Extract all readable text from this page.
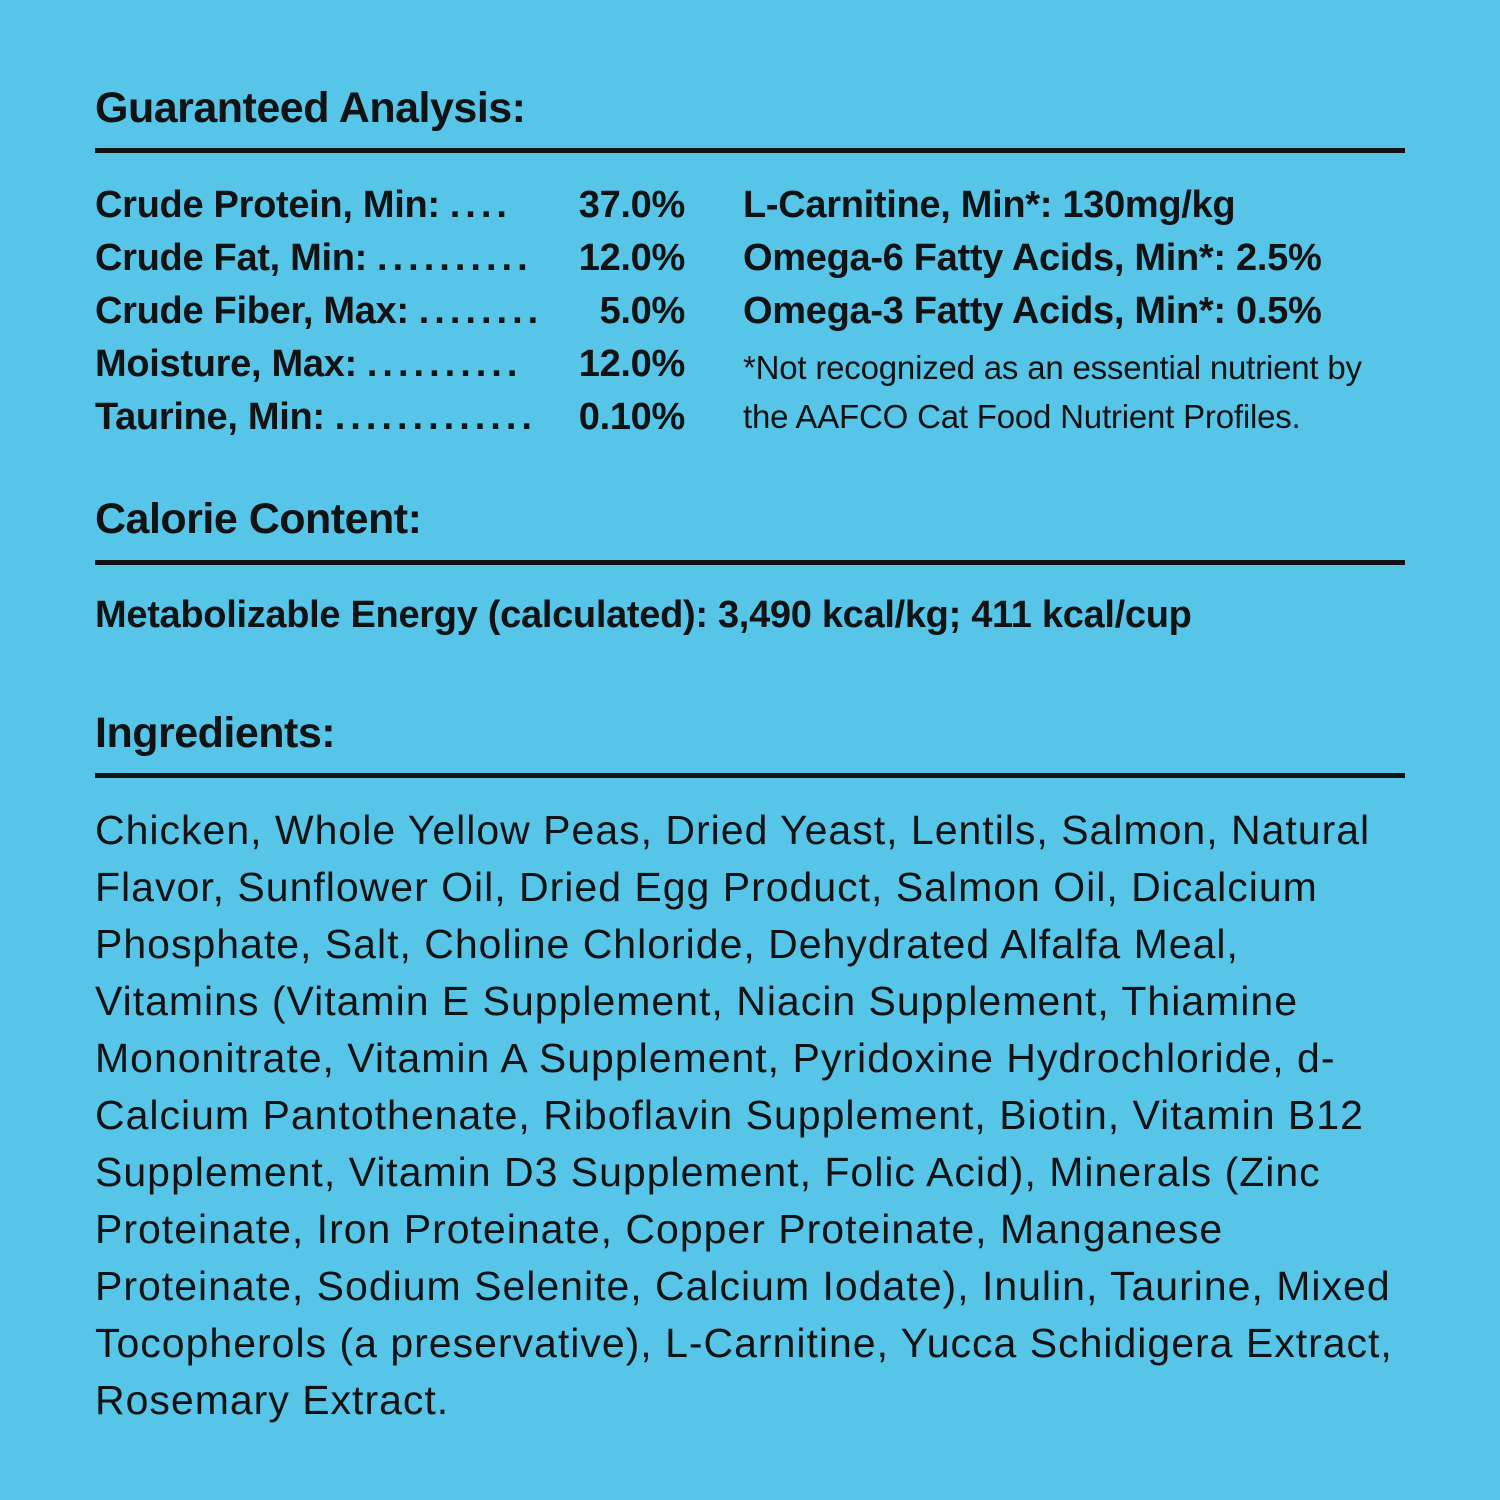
Guaranteed Analysis:
Crude Protein, Min: ....	37.0%
Crude Fat, Min: ..........	12.0%
Crude Fiber, Max: ........	5.0%
Moisture, Max: ..........	12.0%
Taurine, Min: .............	0.10%
L-Carnitine, Min*: 130mg/kg
Omega-6 Fatty Acids, Min*: 2.5%
Omega-3 Fatty Acids, Min*: 0.5%
*Not recognized as an essential nutrient by the AAFCO Cat Food Nutrient Profiles.
Calorie Content:
Metabolizable Energy (calculated): 3,490 kcal/kg; 411 kcal/cup
Ingredients:
Chicken, Whole Yellow Peas, Dried Yeast, Lentils, Salmon, Natural Flavor, Sunflower Oil, Dried Egg Product, Salmon Oil, Dicalcium Phosphate, Salt, Choline Chloride, Dehydrated Alfalfa Meal, Vitamins (Vitamin E Supplement, Niacin Supplement, Thiamine Mononitrate, Vitamin A Supplement, Pyridoxine Hydrochloride, d-Calcium Pantothenate, Riboflavin Supplement, Biotin, Vitamin B12 Supplement, Vitamin D3 Supplement, Folic Acid), Minerals (Zinc Proteinate, Iron Proteinate, Copper Proteinate, Manganese Proteinate, Sodium Selenite, Calcium Iodate), Inulin, Taurine, Mixed Tocopherols (a preservative), L-Carnitine, Yucca Schidigera Extract, Rosemary Extract.
